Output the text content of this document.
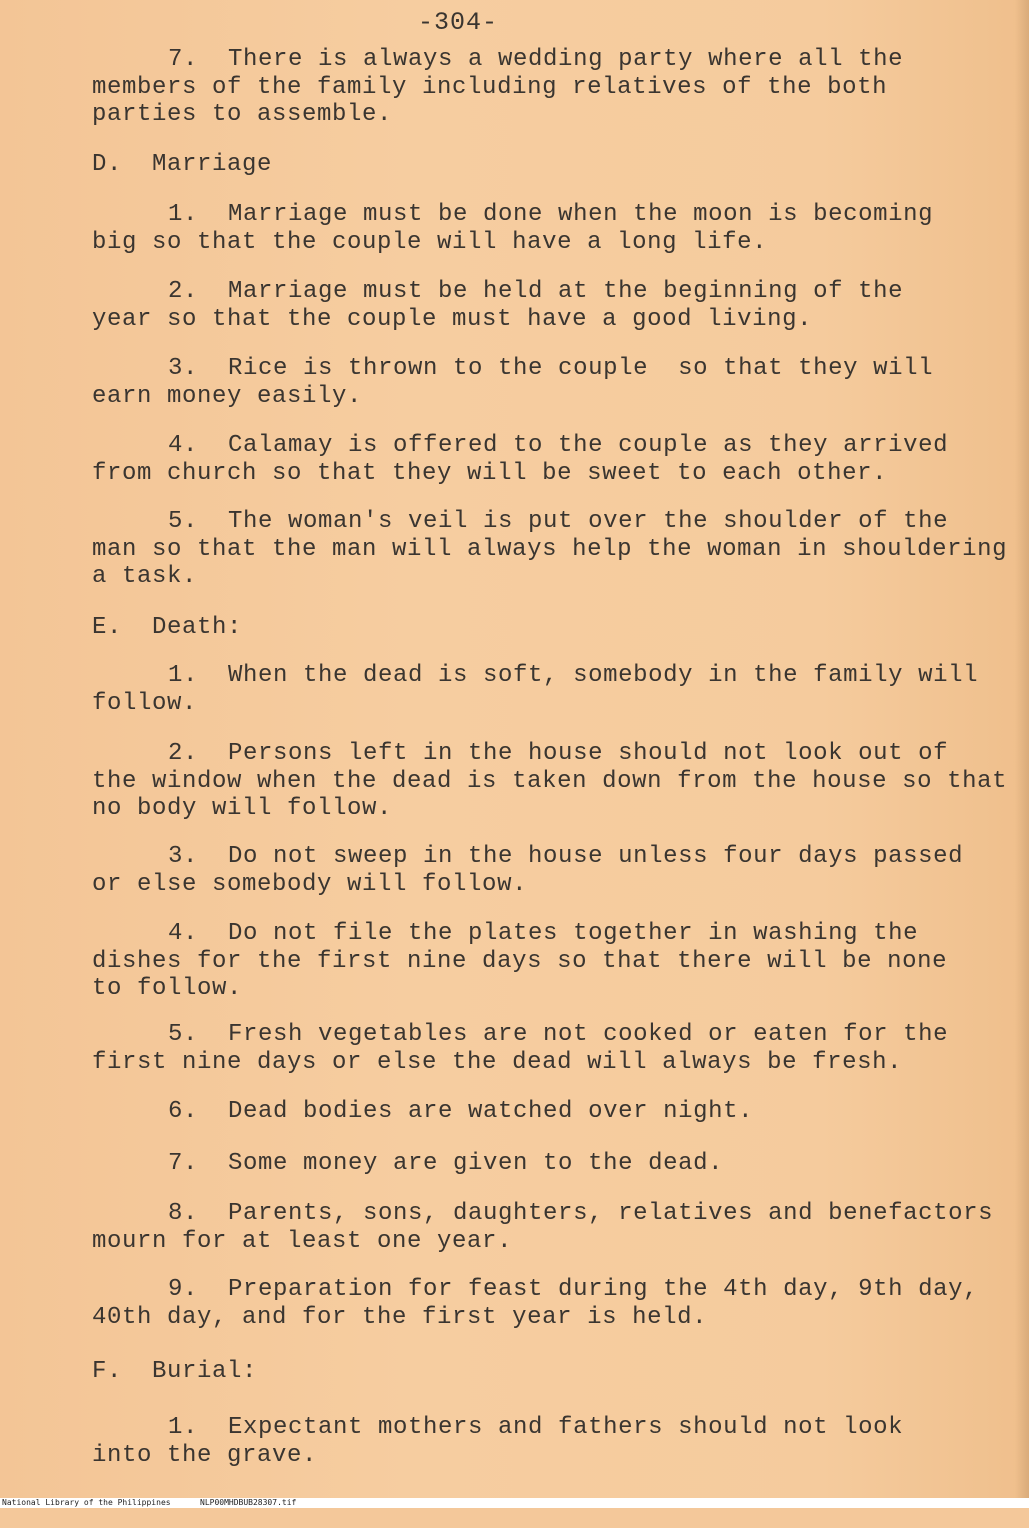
-304-
7.  There is always a wedding party where all the
members of the family including relatives of the both
parties to assemble.
D.  Marriage
1.  Marriage must be done when the moon is becoming
big so that the couple will have a long life.
2.  Marriage must be held at the beginning of the
year so that the couple must have a good living.
3.  Rice is thrown to the couple  so that they will
earn money easily.
4.  Calamay is offered to the couple as they arrived
from church so that they will be sweet to each other.
5.  The woman's veil is put over the shoulder of the
man so that the man will always help the woman in shouldering
a task.
E.  Death:
1.  When the dead is soft, somebody in the family will
follow.
2.  Persons left in the house should not look out of
the window when the dead is taken down from the house so that
no body will follow.
3.  Do not sweep in the house unless four days passed
or else somebody will follow.
4.  Do not file the plates together in washing the
dishes for the first nine days so that there will be none
to follow.
5.  Fresh vegetables are not cooked or eaten for the
first nine days or else the dead will always be fresh.
6.  Dead bodies are watched over night.
7.  Some money are given to the dead.
8.  Parents, sons, daughters, relatives and benefactors
mourn for at least one year.
9.  Preparation for feast during the 4th day, 9th day,
40th day, and for the first year is held.
F.  Burial:
1.  Expectant mothers and fathers should not look
into the grave.

National Library of the Philippines

	NLP00MHDBUB28307.tif
